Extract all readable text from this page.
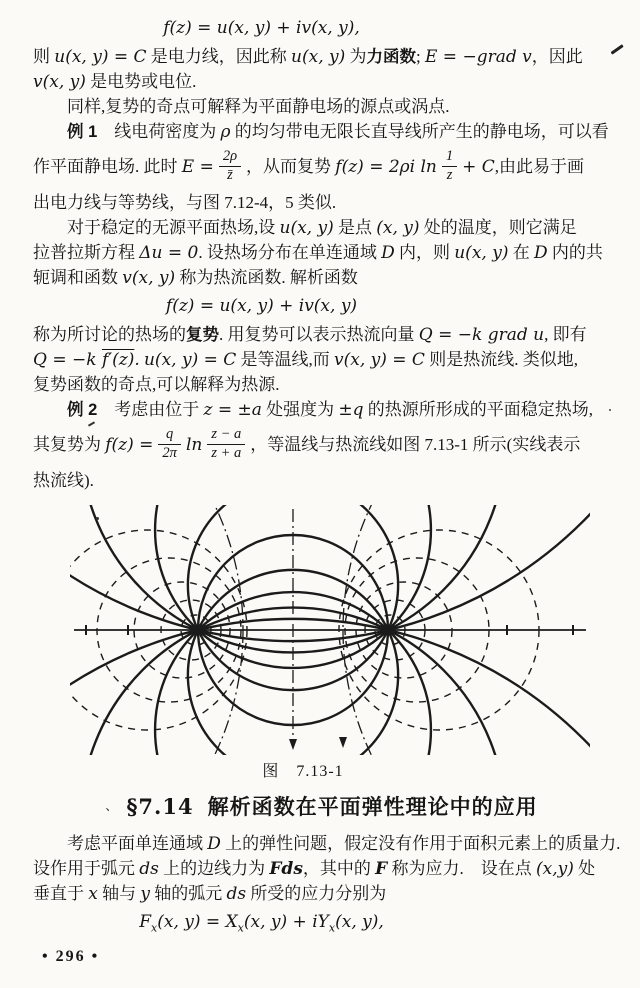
f(z) = u(x, y) + iv(x, y),
则 u(x, y) = C 是电力线，因此称 u(x, y) 为力函数; E = −grad v，因此
v(x, y) 是电势或电位.
同样,复势的奇点可解释为平面静电场的源点或涡点.
例 1　线电荷密度为 ρ 的均匀带电无限长直导线所产生的静电场，可以看
作平面静电场. 此时 $E = \frac{2\rho}{z̄}$ ，从而复势 f(z) = 2ρi $\ln \frac{1}{z} + C$,由此易于画
出电力线与等势线，与图 7.12-4，5 类似.
对于稳定的无源平面热场,设 u(x, y) 是点 (x, y) 处的温度，则它满足
拉普拉斯方程 Δu = 0. 设热场分布在单连通域 D 内，则 u(x, y) 在 D 内的共
轭调和函数 v(x, y) 称为热流函数. 解析函数
f(z) = u(x, y) + iv(x, y)
称为所讨论的热场的复势. 用复势可以表示热流向量 Q = −k grad u, 即有
Q = −k f′(z). u(x, y) = C 是等温线,而 v(x, y) = C 则是热流线. 类似地,
复势函数的奇点,可以解释为热源.
例 2　考虑由位于 z = ±a 处强度为 ±q 的热源所形成的平面稳定热场,
其复势为 $f(z) = \frac{q}{2\pi}$ $\ln \frac{z - a}{z + a}$ ，等温线与热流线如图 7.13-1 所示(实线表示
热流线).
图　7.13-1
、 §7.14 解析函数在平面弹性理论中的应用
考虑平面单连通域 D 上的弹性问题，假定没有作用于面积元素上的质量力.
设作用于弧元 ds 上的边线力为 Fds，其中的 F 称为应力.　设在点 (x,y) 处
垂直于 x 轴与 y 轴的弧元 ds 所受的应力分别为
$F_x(x$, $y) = X_x(x$, $y) + iY_x(x$, y),
• 296 •
